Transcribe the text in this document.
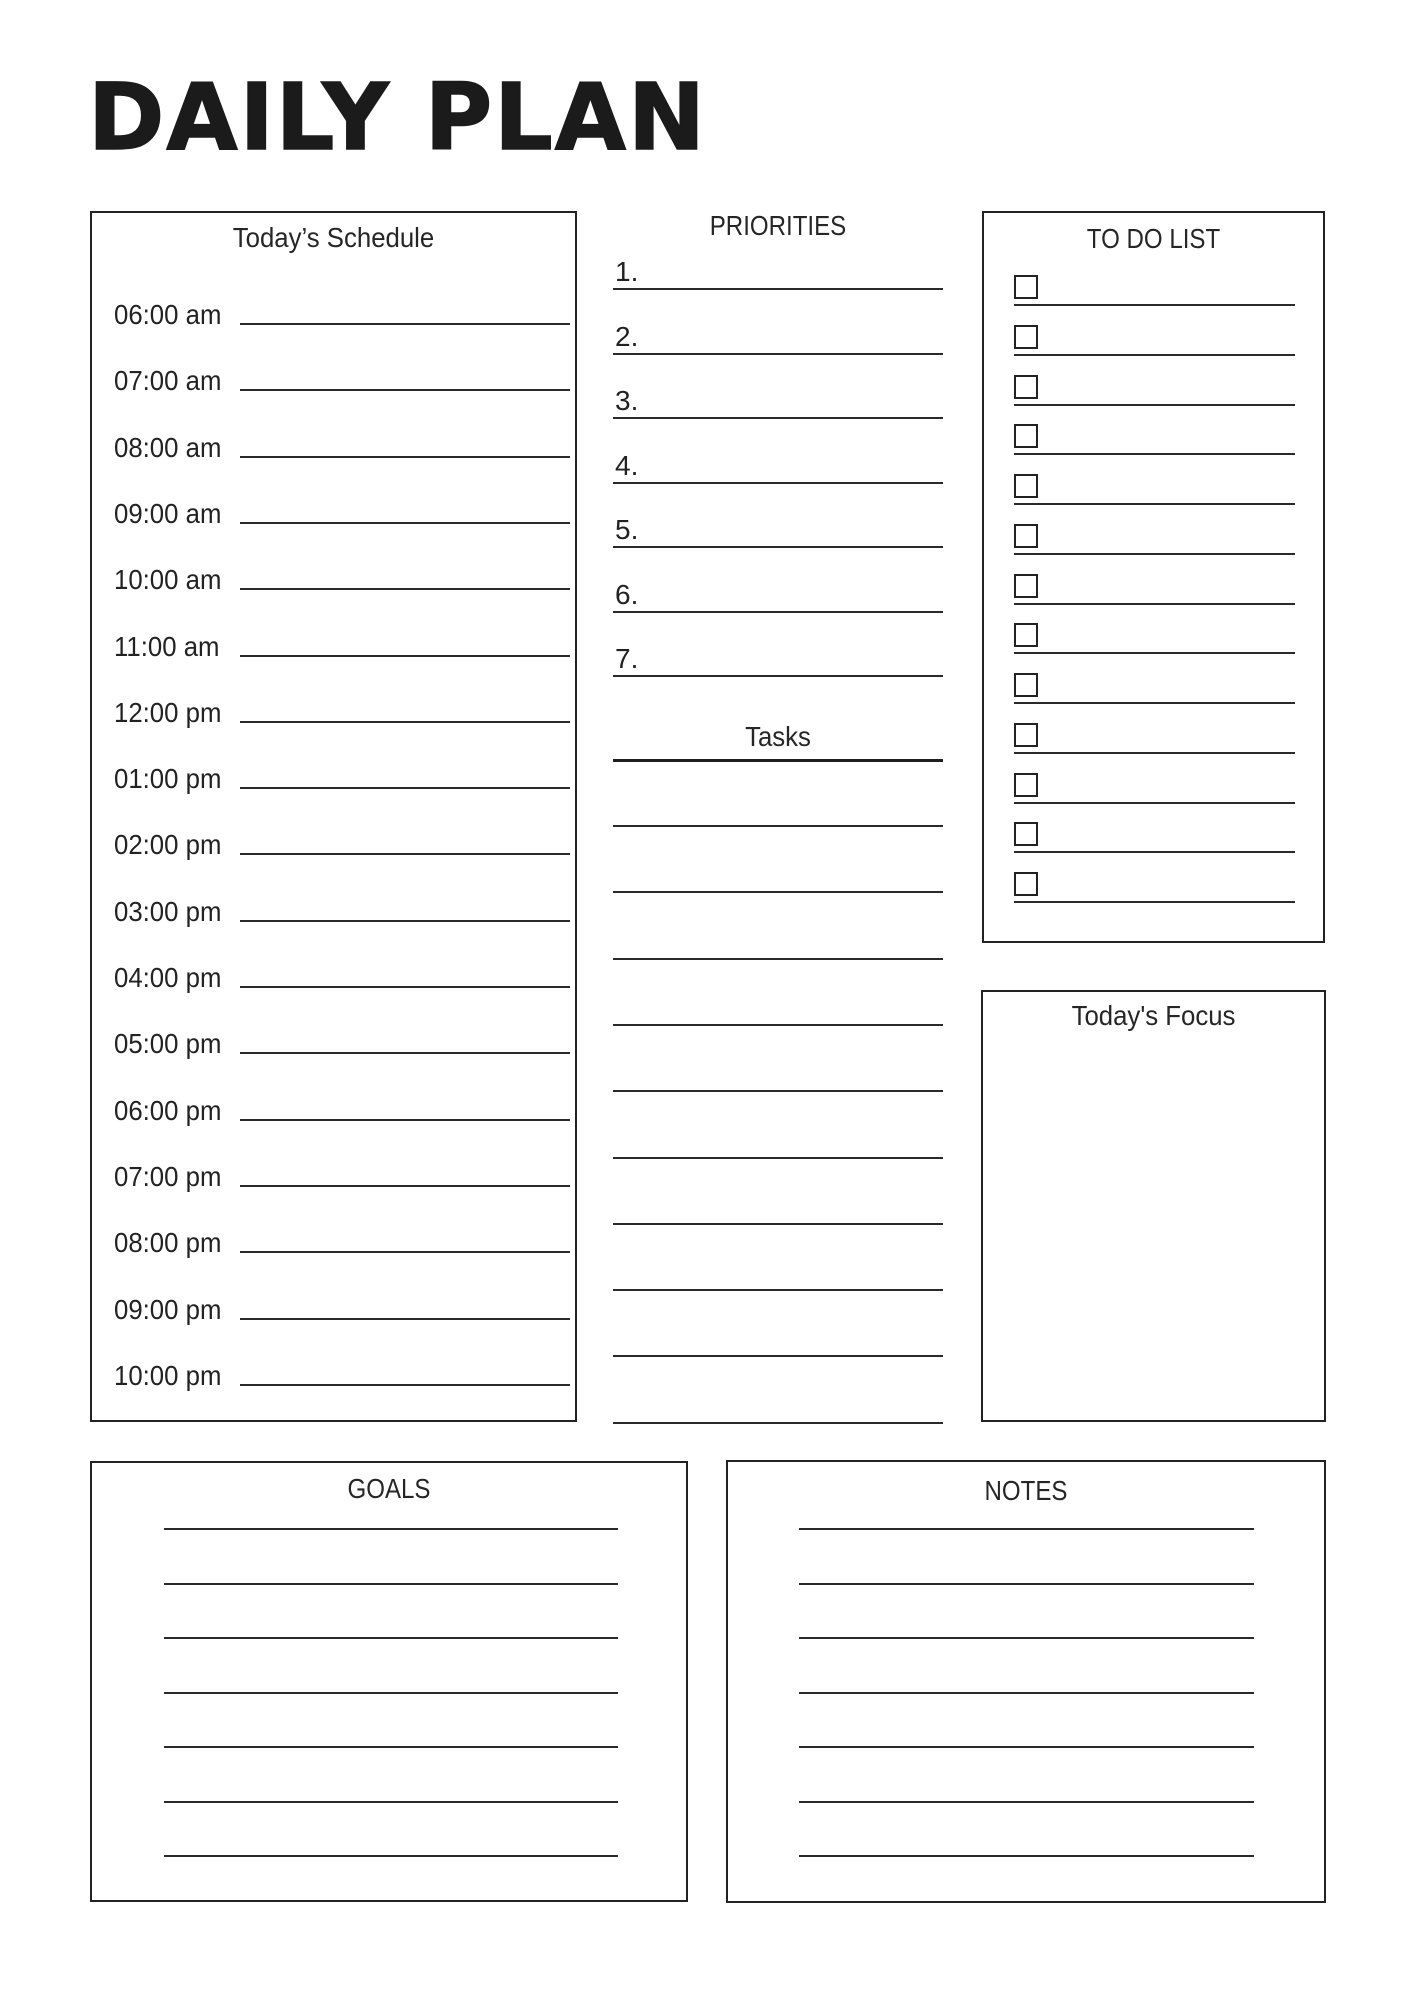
DAILY PLAN
Today’s Schedule
06:00 am
07:00 am
08:00 am
09:00 am
10:00 am
11:00 am
12:00 pm
01:00 pm
02:00 pm
03:00 pm
04:00 pm
05:00 pm
06:00 pm
07:00 pm
08:00 pm
09:00 pm
10:00 pm
PRIORITIES
1.
2.
3.
4.
5.
6.
7.
Tasks
TO DO LIST
Today's Focus
GOALS	NOTES
